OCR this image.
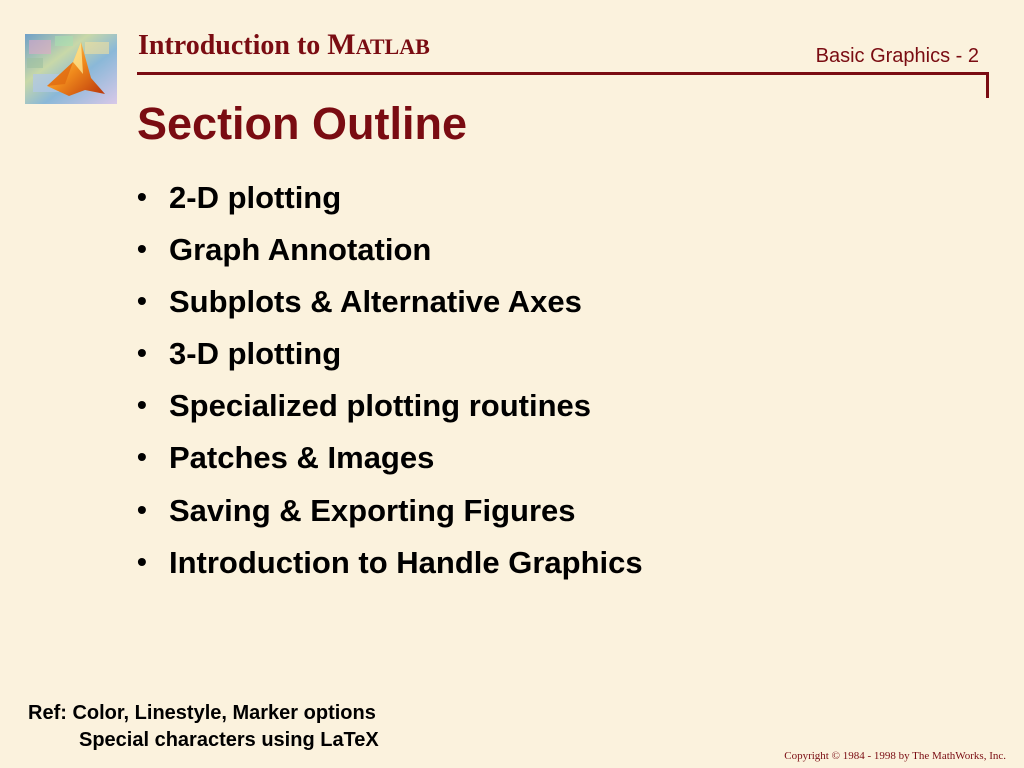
Introduction to MATLAB	Basic Graphics - 2
Section Outline
• 2-D plotting
• Graph Annotation
• Subplots & Alternative Axes
• 3-D plotting
• Specialized plotting routines
• Patches & Images
• Saving & Exporting Figures
• Introduction to Handle Graphics
Ref: Color, Linestyle, Marker options
Special characters using LaTeX
Copyright © 1984 - 1998 by The MathWorks, Inc.
